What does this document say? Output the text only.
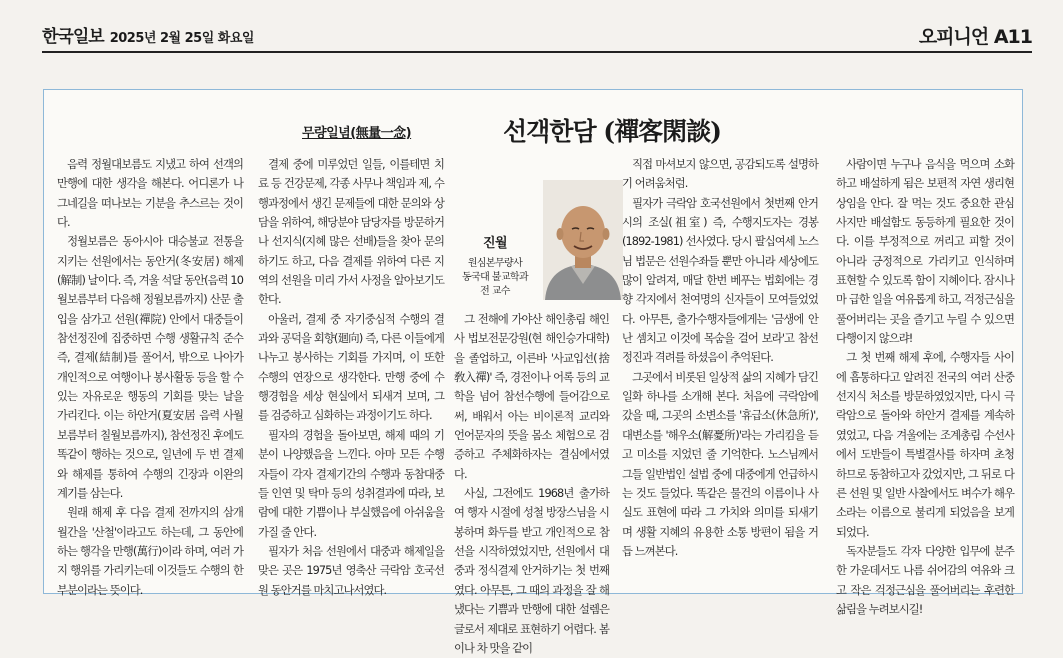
한국일보 2025년 2월 25일 화요일	오피니언 A11
무량일념(無量一念)	선객한담 (禪客閑談)

음력 정월대보름도 지냈고 하여 선객의 만행에 대한 생각을 해본다. 어디론가 나그네길을 떠나보는 기분을 추스르는 것이다.

정월보름은 동아시아 대승불교 전통을 지키는 선원에서는 동안거(冬安居) 해제(解制) 날이다. 즉, 겨울 석달 동안(음력 10월보름부터 다음해 정월보름까지) 산문 출입을 삼가고 선원(禪院) 안에서 대중들이 참선정진에 집중하면 수행 생활규칙 준수 즉, 결제(結制)를 풀어서, 밖으로 나아가 개인적으로 여행이나 봉사활동 등을 할 수 있는 자유로운 행동의 기회를 맞는 날을 가리킨다. 이는 하안거(夏安居 음력 사월보름부터 칠월보름까지), 참선정진 후에도 똑같이 행하는 것으로, 일년에 두 번 결제와 해제를 통하여 수행의 긴장과 이완의 계기를 삼는다.

원래 해제 후 다음 결제 전까지의 삼개월간을 '산철'이라고도 하는데, 그 동안에 하는 행각을 만행(萬行)이라 하며, 여러 가지 행위를 가리키는데 이것들도 수행의 한 부분이라는 뜻이다.

결제 중에 미루었던 일들, 이를테면 치료 등 건강문제, 각종 사무나 책임과 제, 수행과정에서 생긴 문제들에 대한 문의와 상담을 위하여, 해당분야 담당자를 방문하거나 선지식(지혜 많은 선배)들을 찾아 문의하기도 하고, 다음 결제를 위하여 다른 지역의 선원을 미리 가서 사정을 알아보기도 한다.

아울러, 결제 중 자기중심적 수행의 결과와 공덕을 회향(廻向) 즉, 다른 이들에게 나누고 봉사하는 기회를 가지며, 이 또한 수행의 연장으로 생각한다. 만행 중에 수행경험을 세상 현실에서 되새겨 보며, 그를 검증하고 심화하는 과정이기도 하다.

필자의 경험을 돌아보면, 해제 때의 기분이 나양했음을 느낀다. 아마 모든 수행자들이 각자 결제기간의 수행과 동참대중들 인연 및 탁마 등의 성취결과에 따라, 보람에 대한 기쁨이나 부실했음에 아쉬움을 가질 줄 안다.

필자가 처음 선원에서 대중과 해제일을 맞은 곳은 1975년 영축산 극락암 호국선원 동안거를 마치고나서였다.

진월
원심본무량사
동국대 불교학과
전 교수

그 전해에 가야산 해인총림 해인사 법보전문강원(현 해인승가대학)을 졸업하고, 이른바 '사교입선(捨敎入禪)' 즉, 경전이나 어록 등의 교학을 넘어 참선수행에 들어감으로써, 배워서 아는 비이론적 교리와 언어문자의 뜻을 몸소 체험으로 검증하고 주체화하자는 결심에서였다.

사실, 그전에도 1968년 출가하여 행자 시절에 성철 방장스님을 시봉하며 화두를 받고 개인적으로 참선을 시작하였었지만, 선원에서 대중과 정식결제 안거하기는 첫 번째였다. 아무튼, 그 때의 과정을 잘 해냈다는 기쁨과 만행에 대한 설렘은 글로서 제대로 표현하기 어렵다. 봄이나 차 맛을 같이

직접 마셔보지 않으면, 공감되도록 설명하기 어려움처럼.

필자가 극락암 호국선원에서 첫번째 안거시의 조실(祖室) 즉, 수행지도자는 경봉(1892-1981) 선사였다. 당시 팔십여세 노스님 법문은 선원수좌들 뿐만 아니라 세상에도 많이 알려져, 매달 한번 베푸는 법회에는 경향 각지에서 천여명의 신자들이 모여들었었다. 아무튼, 출가수행자들에게는 '금생에 안 난 셈치고 이것에 목숨을 걸어 보라'고 참선정진과 격려를 하셨음이 추억된다.

그곳에서 비롯된 일상적 삶의 지혜가 담긴 일화 하나를 소개해 본다. 처음에 극락암에 갔을 때, 그곳의 소변소를 '휴급소(休急所)', 대변소를 '해우소(解憂所)'라는 가리킴을 듣고 미소를 지었던 줄 기억한다. 노스님께서 그들 일반법인 설법 중에 대중에게 언급하시는 것도 들었다. 똑같은 물건의 이름이나 사실도 표현에 따라 그 가치와 의미를 되새기며 생활 지혜의 유용한 소통 방편이 됨을 거듭 느껴본다.

사람이면 누구나 음식을 먹으며 소화하고 배설하게 됨은 보편적 자연 생리현상임을 안다. 잘 먹는 것도 중요한 관심사지만 배설함도 동등하게 필요한 것이다. 이를 부정적으로 꺼리고 피할 것이 아니라 긍정적으로 가리키고 인식하며 표현할 수 있도록 함이 지혜이다. 잠시나마 급한 일을 여유롭게 하고, 걱정근심을 풀어버리는 곳을 즐기고 누릴 수 있으면 다행이지 않으랴!

그 첫 번째 해제 후에, 수행자들 사이에 흠통하다고 알려진 전국의 여러 산중 선지식 처소를 방문하였었지만, 다시 극락암으로 돌아와 하안거 결제를 계속하였었고, 다음 겨울에는 조계총림 수선사에서 도반들이 특별결사를 하자며 초청하므로 동참하고자 갔었지만, 그 뒤로 다른 선원 및 일반 사찰에서도 벼수가 해우소라는 이름으로 불리게 되었음을 보게 되었다.

독자분들도 각자 다양한 입무에 분주한 가운데서도 나름 쉬어감의 여유와 크고 작은 걱정근심을 풀어버리는 후련한 삶림을 누려보시길!
